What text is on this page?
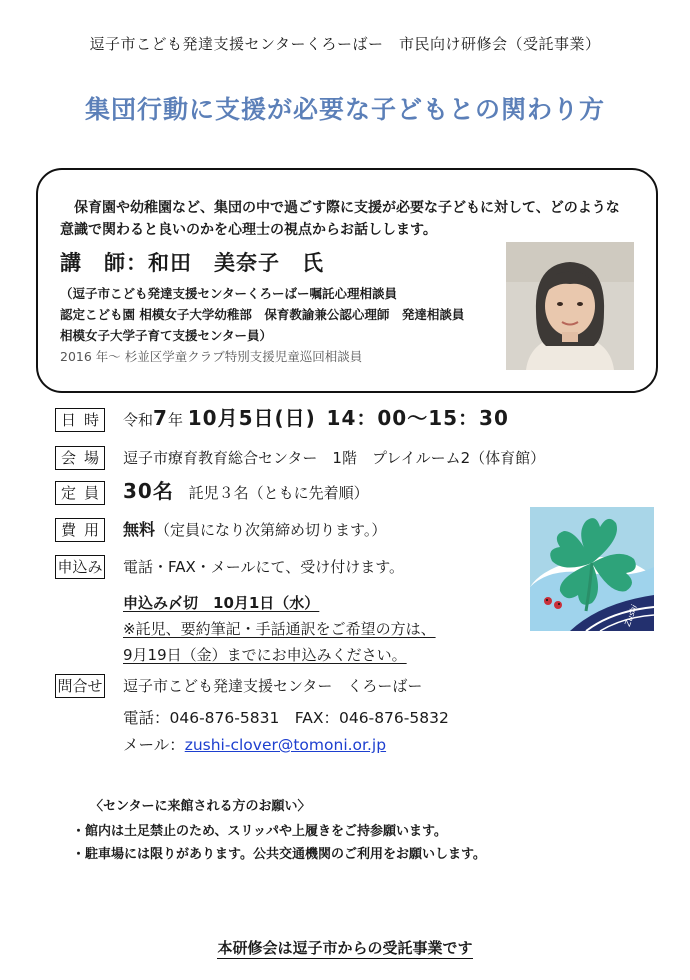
逗子市こども発達支援センターくろーばー　市民向け研修会（受託事業）
集団行動に支援が必要な子どもとの関わり方
保育園や幼稚園など、集団の中で過ごす際に支援が必要な子どもに対して、どのような
意識で関わると良いのかを心理士の視点からお話しします。
講　師：和田　美奈子　氏
（逗子市こども発達支援センターくろーばー嘱託心理相談員
認定こども園 相模女子大学幼稚部　保育教諭兼公認心理師　発達相談員
相模女子大学子育て支援センター員）
2016 年～ 杉並区学童クラブ特別支援児童巡回相談員
日 時 令和7年 10月5日(日) 14：00～15：30
会 場 逗子市療育教育総合センター　1階　プレイルーム2（体育館）
定 員 30名 託児３名（ともに先着順）
費 用 無料（定員になり次第締め切ります。）
申込み 電話・FAX・メールにて、受け付けます。
申込み〆切　10月1日（水）
※託児、要約筆記・手話通訳をご希望の方は、
9月19日（金）までにお申込みください。
問合せ 逗子市こども発達支援センター　くろーばー
電話：046-876-5831　FAX：046-876-5832
メール：zushi-clover@tomoni.or.jp
Zushi
〈センターに来館される方のお願い〉
・館内は土足禁止のため、スリッパや上履きをご持参願います。
・駐車場には限りがあります。公共交通機関のご利用をお願いします。
本研修会は逗子市からの受託事業です
